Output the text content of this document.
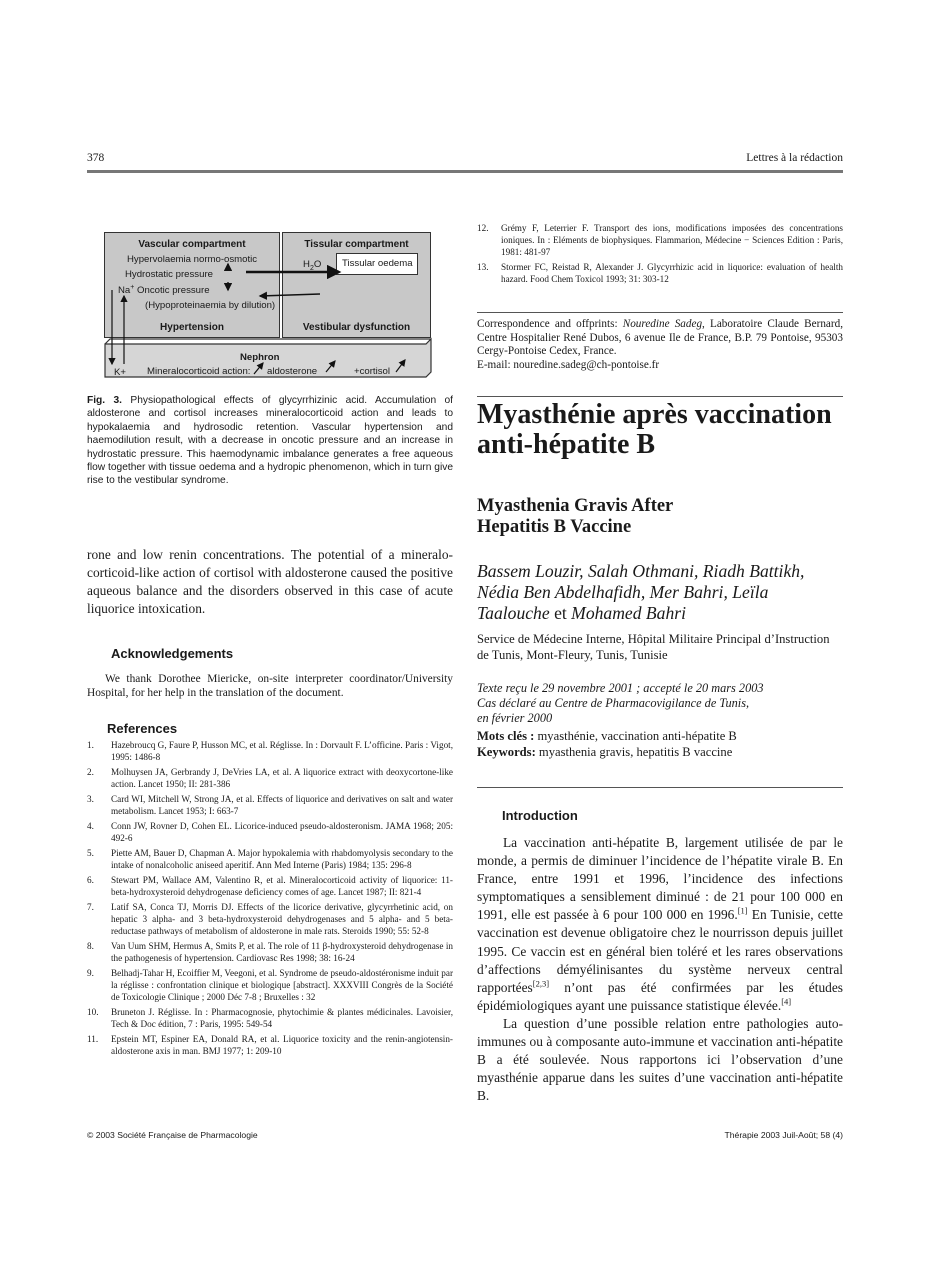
378	Lettres à la rédaction
Vascular compartment
Hypertension
Hypervolaemia normo-osmotic
Hydrostatic pressure
Na+ Oncotic pressure
(Hypoproteinaemia by dilution)
Tissular compartment
Vestibular dysfunction
$H_2O$ Tissular oedema
Nephron
K+ Mineralocorticoid action: aldosterone	+cortisol
Fig. 3. Physiopathological effects of glycyrrhizinic acid. Accumulation of aldosterone and cortisol increases mineralocorticoid action and leads to hypokalaemia and hydrosodic retention. Vascular hypertension and haemodilution result, with a decrease in oncotic pressure and an increase in hydrostatic pressure. This haemodynamic imbalance generates a free aqueous flow together with tissue oedema and a hydropic phenomenon, which in turn give rise to the vestibular syndrome.
rone and low renin concentrations. The potential of a mineralo-corticoid-like action of cortisol with aldosterone caused the positive aqueous balance and the disorders observed in this case of acute liquorice intoxication.
Acknowledgements
We thank Dorothee Miericke, on-site interpreter coordinator/University Hospital, for her help in the translation of the document.
References
1.	Hazebroucq G, Faure P, Husson MC, et al. Réglisse. In : Dorvault F. L’officine. Paris : Vigot, 1995: 1486-8
2.	Molhuysen JA, Gerbrandy J, DeVries LA, et al. A liquorice extract with deoxycortone-like action. Lancet 1950; II: 281-386
3.	Card WI, Mitchell W, Strong JA, et al. Effects of liquorice and derivatives on salt and water metabolism. Lancet 1953; I: 663-7
4.	Conn JW, Rovner D, Cohen EL. Licorice-induced pseudo-aldosteronism. JAMA 1968; 205: 492-6
5.	Piette AM, Bauer D, Chapman A. Major hypokalemia with rhabdomyolysis secondary to the intake of nonalcoholic aniseed aperitif. Ann Med Interne (Paris) 1984; 135: 296-8
6.	Stewart PM, Wallace AM, Valentino R, et al. Mineralocorticoid activity of liquorice: 11-beta-hydroxysteroid dehydrogenase deficiency comes of age. Lancet 1987; II: 821-4
7.	Latif SA, Conca TJ, Morris DJ. Effects of the licorice derivative, glycyrrhetinic acid, on hepatic 3 alpha- and 3 beta-hydroxysteroid dehydrogenases and 5 alpha- and 5 beta-reductase pathways of metabolism of aldosterone in male rats. Steroids 1990; 55: 52-8
8.	Van Uum SHM, Hermus A, Smits P, et al. The role of 11 β-hydroxysteroid dehydrogenase in the pathogenesis of hypertension. Cardiovasc Res 1998; 38: 16-24
9.	Belhadj-Tahar H, Ecoiffier M, Veegoni, et al. Syndrome de pseudo-aldostéronisme induit par la réglisse : confrontation clinique et biologique [abstract]. XXXVIII Congrès de la Société de Toxicologie Clinique ; 2000 Déc 7-8 ; Bruxelles : 32
10.	Bruneton J. Réglisse. In : Pharmacognosie, phytochimie & plantes médicinales. Lavoisier, Tech & Doc édition, 7 : Paris, 1995: 549-54
11.	Epstein MT, Espiner EA, Donald RA, et al. Liquorice toxicity and the renin-angiotensin-aldosterone axis in man. BMJ 1977; 1: 209-10
12.	Grémy F, Leterrier F. Transport des ions, modifications imposées des concentrations ioniques. In : Eléments de biophysiques. Flammarion, Médecine − Sciences Edition : Paris, 1981: 481-97
13.	Stormer FC, Reistad R, Alexander J. Glycyrrhizic acid in liquorice: evaluation of health hazard. Food Chem Toxicol 1993; 31: 303-12
Correspondence and offprints: Nouredine Sadeg, Laboratoire Claude Bernard, Centre Hospitalier René Dubos, 6 avenue Ile de France, B.P. 79 Pontoise, 95303 Cergy-Pontoise Cedex, France.
E-mail: nouredine.sadeg@ch-pontoise.fr
Myasthénie après vaccination anti-hépatite B
Myasthenia Gravis After
Hepatitis B Vaccine
Bassem Louzir, Salah Othmani, Riadh Battikh, Nédia Ben Abdelhafidh, Mer Bahri, Leïla Taalouche et Mohamed Bahri
Service de Médecine Interne, Hôpital Militaire Principal d’Instruction de Tunis, Mont-Fleury, Tunis, Tunisie
Texte reçu le 29 novembre 2001 ; accepté le 20 mars 2003
Cas déclaré au Centre de Pharmacovigilance de Tunis,
en février 2000
Mots clés : myasthénie, vaccination anti-hépatite B
Keywords: myasthenia gravis, hepatitis B vaccine
Introduction
La vaccination anti-hépatite B, largement utilisée de par le monde, a permis de diminuer l’incidence de l’hépatite virale B. En France, entre 1991 et 1996, l’incidence des infections symptomatiques a sensiblement diminué : de 21 pour 100 000 en 1991, elle est passée à 6 pour 100 000 en 1996.[1] En Tunisie, cette vaccination est devenue obligatoire chez le nourrisson depuis juillet 1995. Ce vaccin est en général bien toléré et les rares observations d’affections démyélinisantes du système nerveux central rapportées[2,3] n’ont pas été confirmées par les études épidémiologiques ayant une puissance statistique élevée.[4]
La question d’une possible relation entre pathologies auto-immunes ou à composante auto-immune et vaccination anti-hépatite B a été soulevée. Nous rapportons ici l’observation d’une myasthénie apparue dans les suites d’une vaccination anti-hépatite B.
© 2003 Société Française de Pharmacologie	Thérapie 2003 Juil-Août; 58 (4)
